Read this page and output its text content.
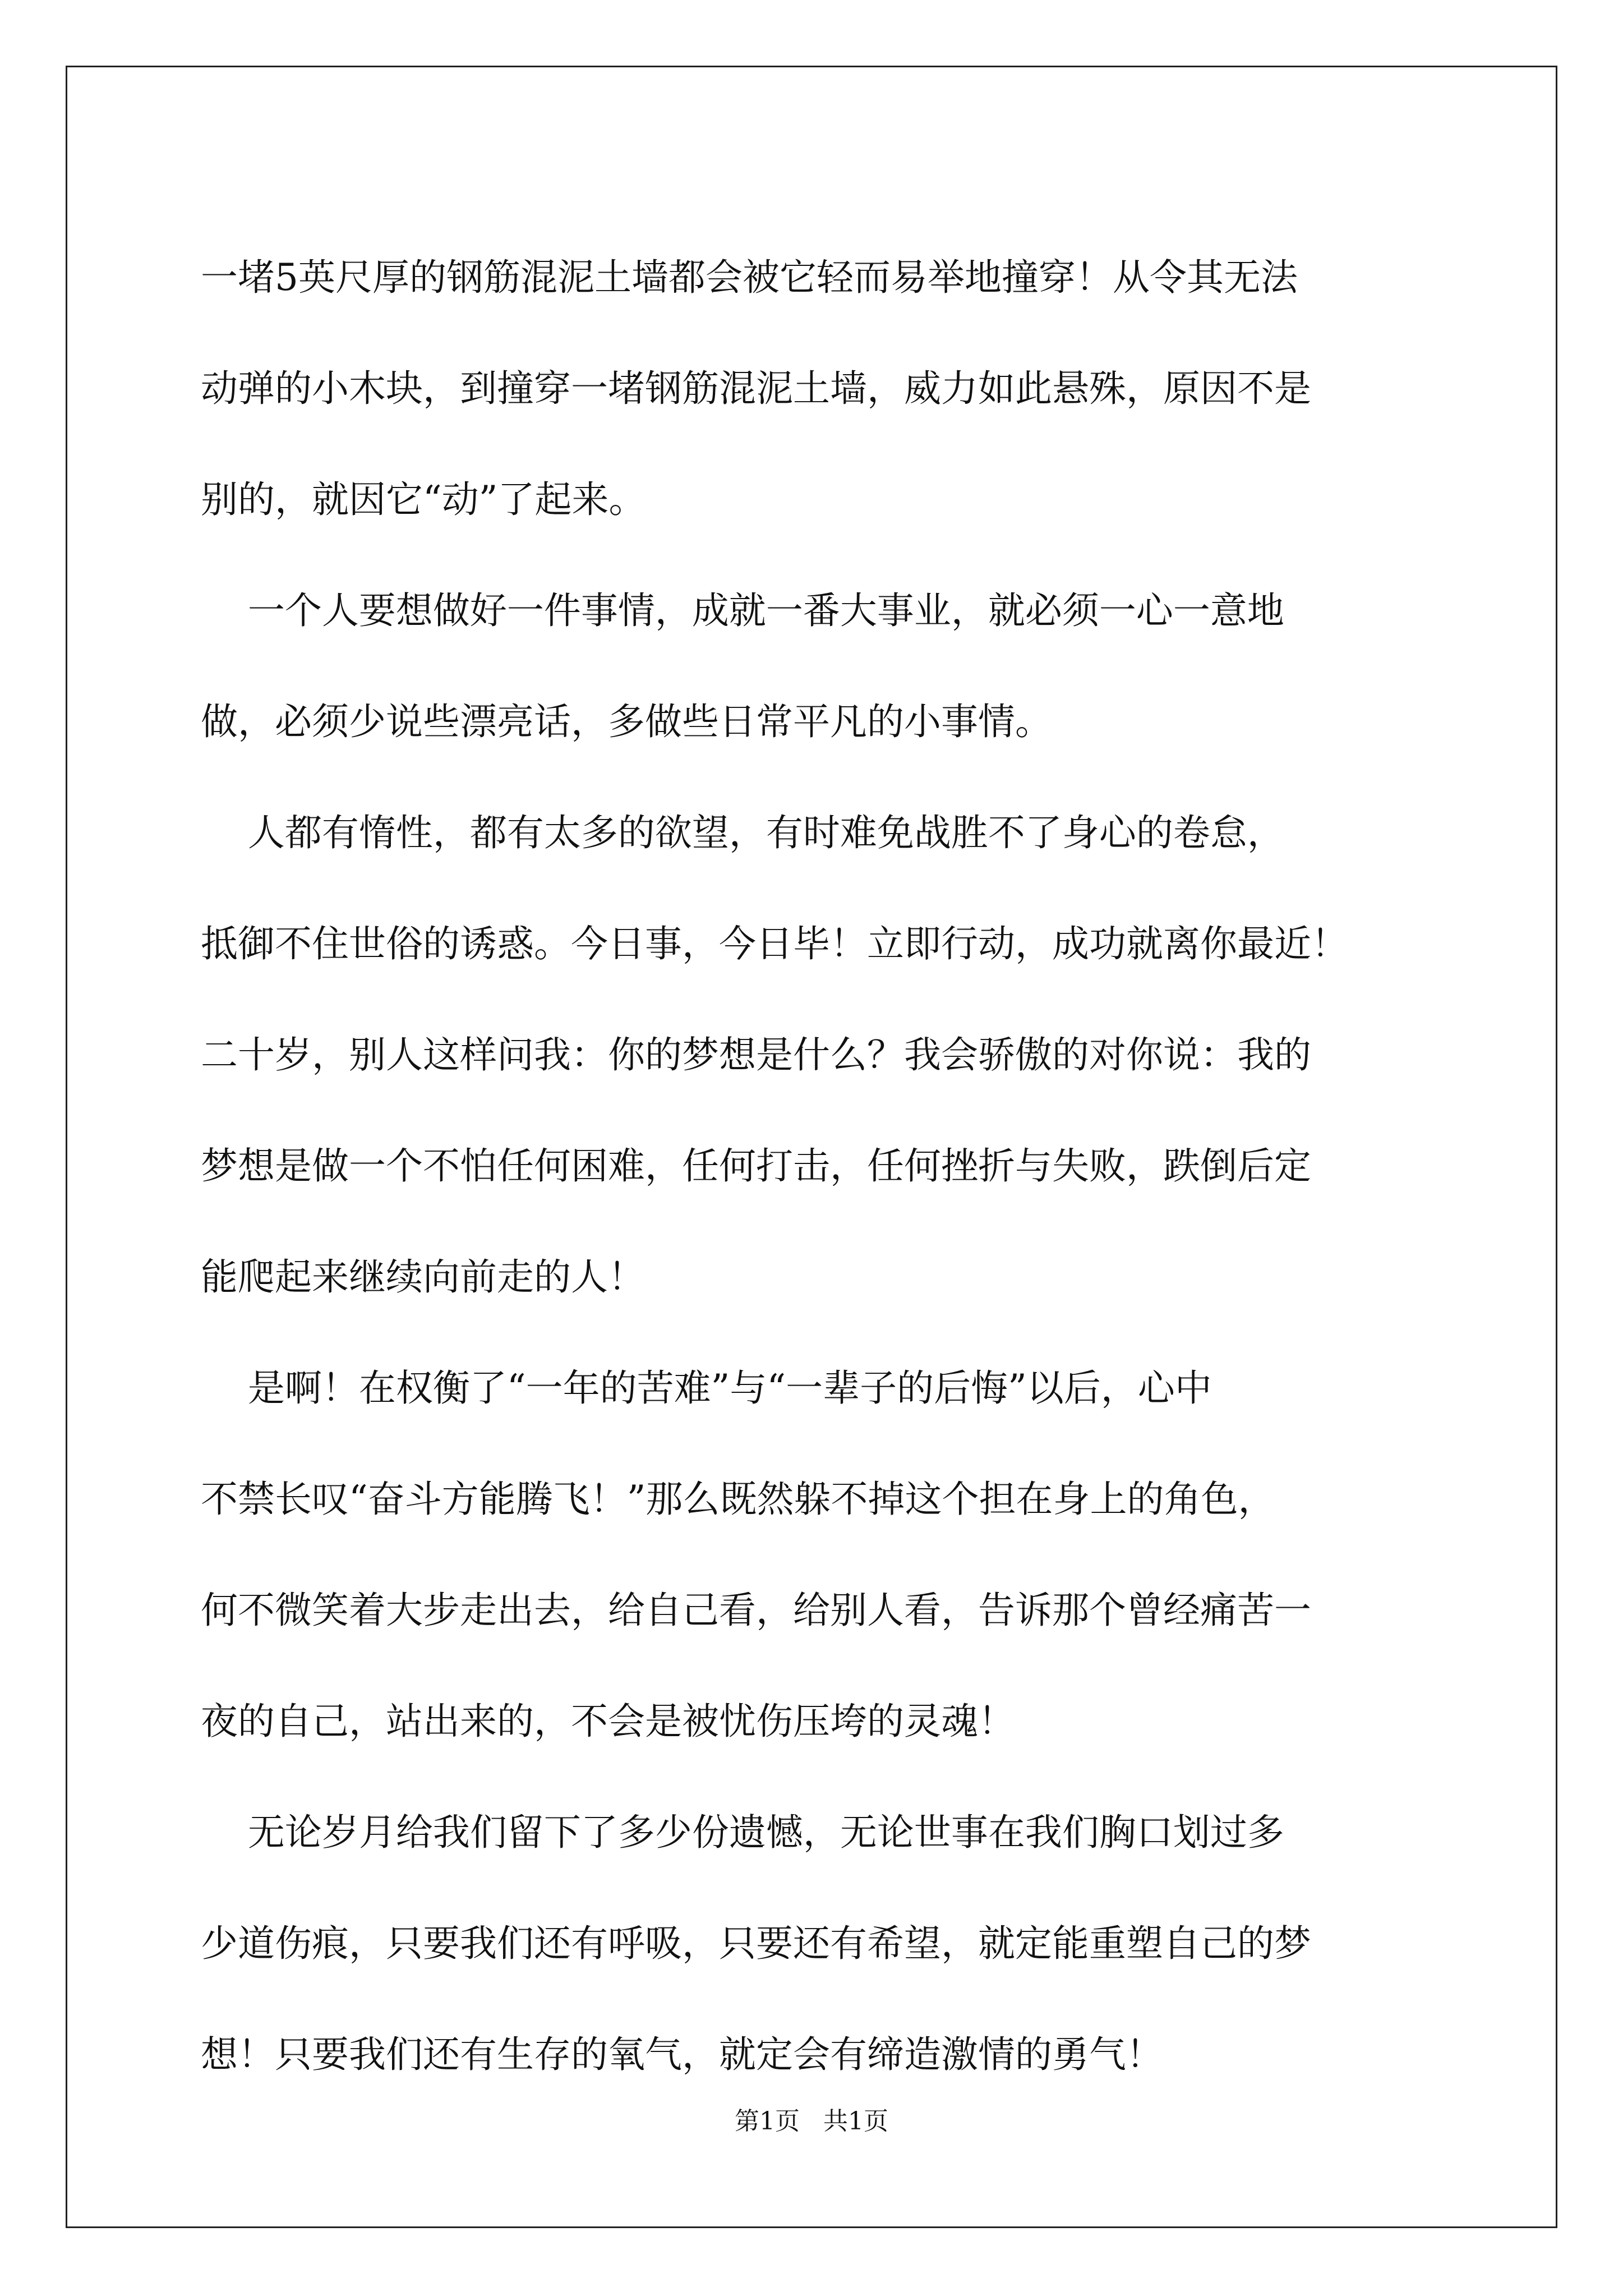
一堵5英尺厚的钢筋混泥土墙都会被它轻而易举地撞穿！从令其无法

动弹的小木块，到撞穿一堵钢筋混泥土墙，威力如此悬殊，原因不是

别的，就因它“动”了起来。

一个人要想做好一件事情，成就一番大事业，就必须一心一意地

做，必须少说些漂亮话，多做些日常平凡的小事情。

人都有惰性，都有太多的欲望，有时难免战胜不了身心的卷怠，

抵御不住世俗的诱惑。今日事，今日毕！立即行动，成功就离你最近！

二十岁，别人这样问我：你的梦想是什么？我会骄傲的对你说：我的

梦想是做一个不怕任何困难，任何打击，任何挫折与失败，跌倒后定

能爬起来继续向前走的人！

是啊！在权衡了“一年的苦难”与“一辈子的后悔”以后，心中

不禁长叹“奋斗方能腾飞！”那么既然躲不掉这个担在身上的角色，

何不微笑着大步走出去，给自己看，给别人看，告诉那个曾经痛苦一

夜的自己，站出来的，不会是被忧伤压垮的灵魂！

无论岁月给我们留下了多少份遗憾，无论世事在我们胸口划过多

少道伤痕，只要我们还有呼吸，只要还有希望，就定能重塑自己的梦

想！只要我们还有生存的氧气，就定会有缔造激情的勇气！

第1页   共1页
